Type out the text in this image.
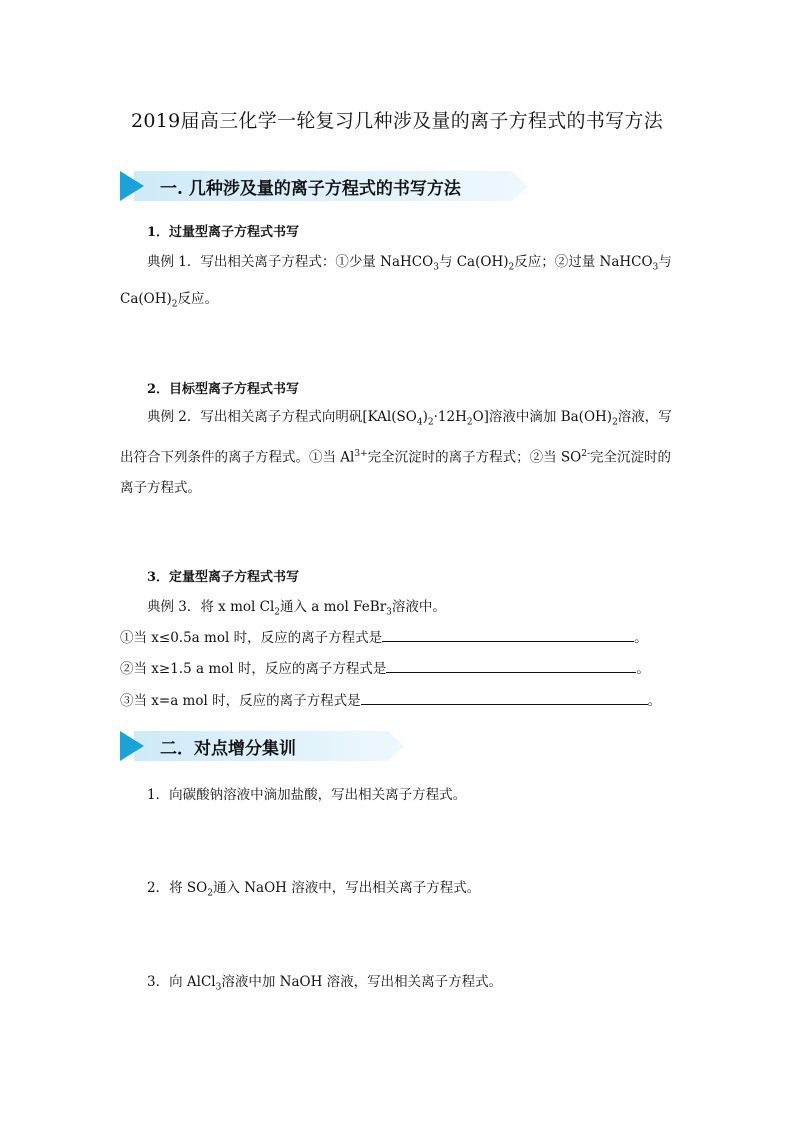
2019届高三化学一轮复习几种涉及量的离子方程式的书写方法
一. 几种涉及量的离子方程式的书写方法
1．过量型离子方程式书写
典例 1．写出相关离子方程式：①少量 NaHCO$_3$与 $Ca(OH)_2$反应；②过量 NaHCO$_3$与 $Ca(OH)_2$反应。
2．目标型离子方程式书写
典例 2．写出相关离子方程式向明矾$[KAl(SO_4)_2\cdot 12H_2O]$溶液中滴加 $Ba(OH)_2$溶液，写出符合下列条件的离子方程式。①当 $Al^{3+}$完全沉淀时的离子方程式；②当 $SO^{2-}$完全沉淀时的离子方程式。
3．定量型离子方程式书写
典例 3．将 x mol $Cl_2$通入 a mol FeBr$_3$溶液中。
①当 x≤0.5a mol 时，反应的离子方程式是	。
②当 x≥1.5 a mol 时，反应的离子方程式是	。
③当 x=a mol 时，反应的离子方程式是	。
二．对点增分集训
1．向碳酸钠溶液中滴加盐酸，写出相关离子方程式。
2．将 $SO_2$通入 NaOH 溶液中，写出相关离子方程式。
3．向 AlCl$_3$溶液中加 NaOH 溶液，写出相关离子方程式。
